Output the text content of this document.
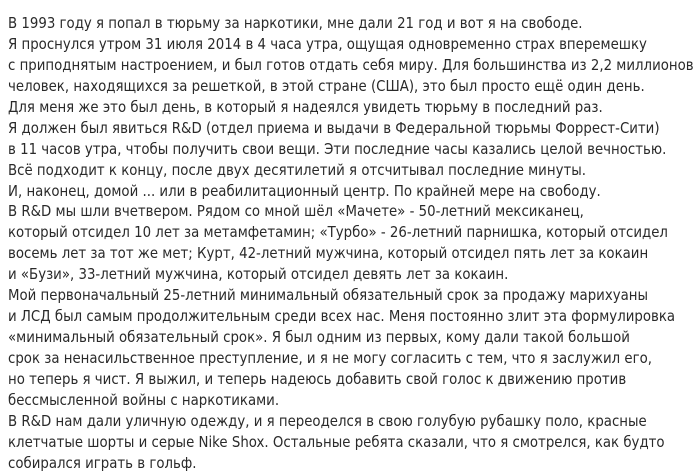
В 1993 году я попал в тюрьму за наркотики, мне дали 21 год и вот я на свободе.
Я проснулся утром 31 июля 2014 в 4 часа утра, ощущая одновременно страх вперемешку
с приподнятым настроением, и был готов отдать себя миру. Для большинства из 2,2 миллионов
человек, находящихся за решеткой, в этой стране (США), это был просто ещё один день.
Для меня же это был день, в который я надеялся увидеть тюрьму в последний раз.
Я должен был явиться R&D (отдел приема и выдачи в Федеральной тюрьмы Форрест-Сити)
в 11 часов утра, чтобы получить свои вещи. Эти последние часы казались целой вечностью.
Всё подходит к концу, после двух десятилетий я отсчитывал последние минуты.
И, наконец, домой ... или в реабилитационный центр. По крайней мере на свободу.
В R&D мы шли вчетвером. Рядом со мной шёл «Мачете» - 50-летний мексиканец,
который отсидел 10 лет за метамфетамин; «Турбо» - 26-летний парнишка, который отсидел
восемь лет за тот же мет; Курт, 42-летний мужчина, который отсидел пять лет за кокаин
и «Бузи», 33-летний мужчина, который отсидел девять лет за кокаин.
Мой первоначальный 25-летний минимальный обязательный срок за продажу марихуаны
и ЛСД был самым продолжительным среди всех нас. Меня постоянно злит эта формулировка
«минимальный обязательный срок». Я был одним из первых, кому дали такой большой
срок за ненасильственное преступление, и я не могу согласить с тем, что я заслужил его,
но теперь я чист. Я выжил, и теперь надеюсь добавить свой голос к движению против
бессмысленной войны с наркотиками.
В R&D нам дали уличную одежду, и я переоделся в свою голубую рубашку поло, красные
клетчатые шорты и серые Nike Shox. Остальные ребята сказали, что я смотрелся, как будто
собирался играть в гольф.
